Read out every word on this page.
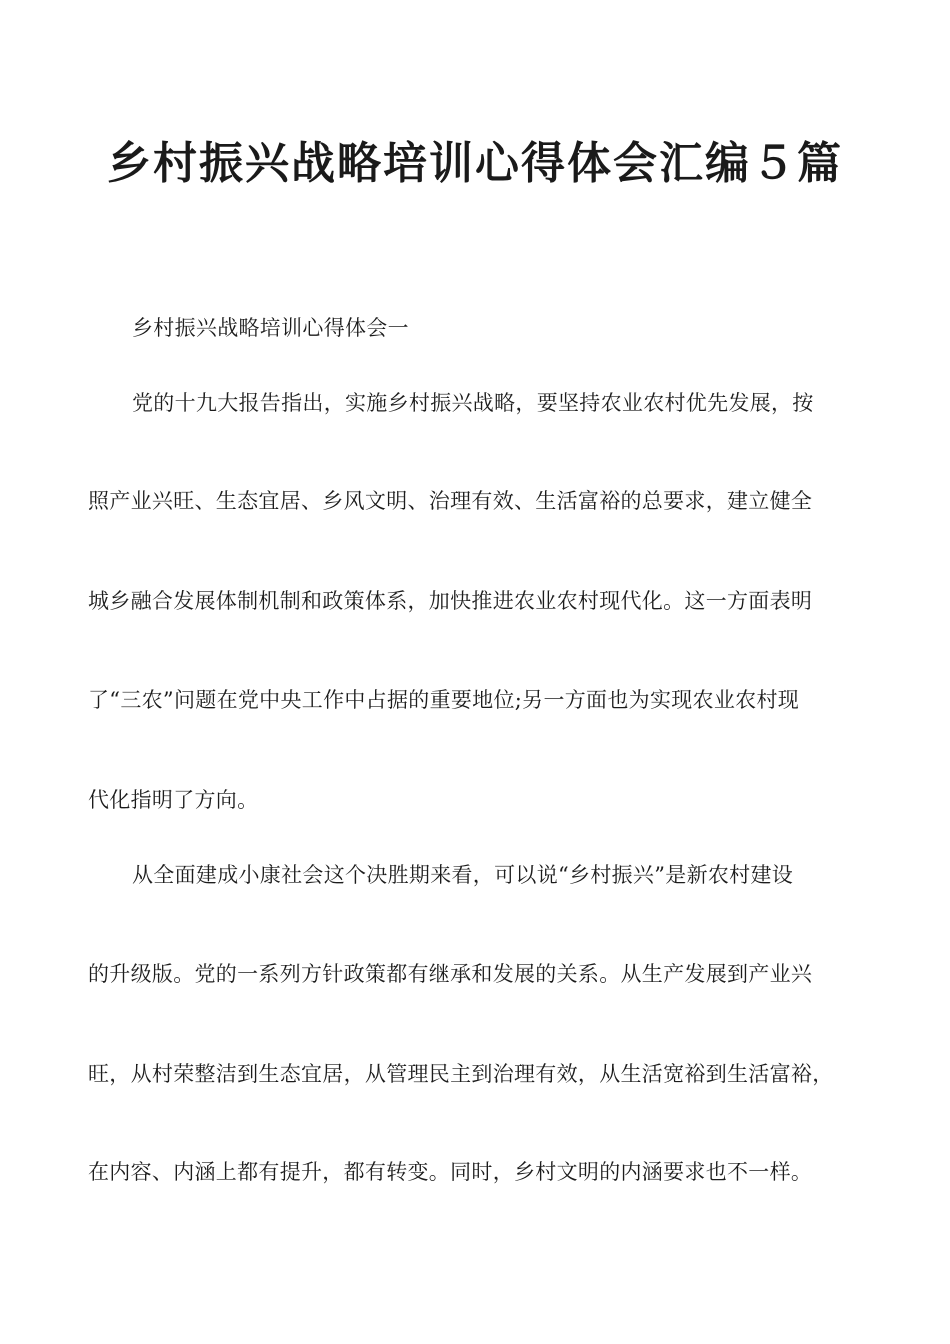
乡村振兴战略培训心得体会汇编５篇
乡村振兴战略培训心得体会一
党的十九大报告指出，实施乡村振兴战略，要坚持农业农村优先发展，按
照产业兴旺、生态宜居、乡风文明、治理有效、生活富裕的总要求，建立健全
城乡融合发展体制机制和政策体系，加快推进农业农村现代化。这一方面表明
了“三农”问题在党中央工作中占据的重要地位;另一方面也为实现农业农村现
代化指明了方向。
从全面建成小康社会这个决胜期来看，可以说“乡村振兴”是新农村建设
的升级版。党的一系列方针政策都有继承和发展的关系。从生产发展到产业兴
旺，从村荣整洁到生态宜居，从管理民主到治理有效，从生活宽裕到生活富裕，
在内容、内涵上都有提升，都有转变。同时，乡村文明的内涵要求也不一样。
